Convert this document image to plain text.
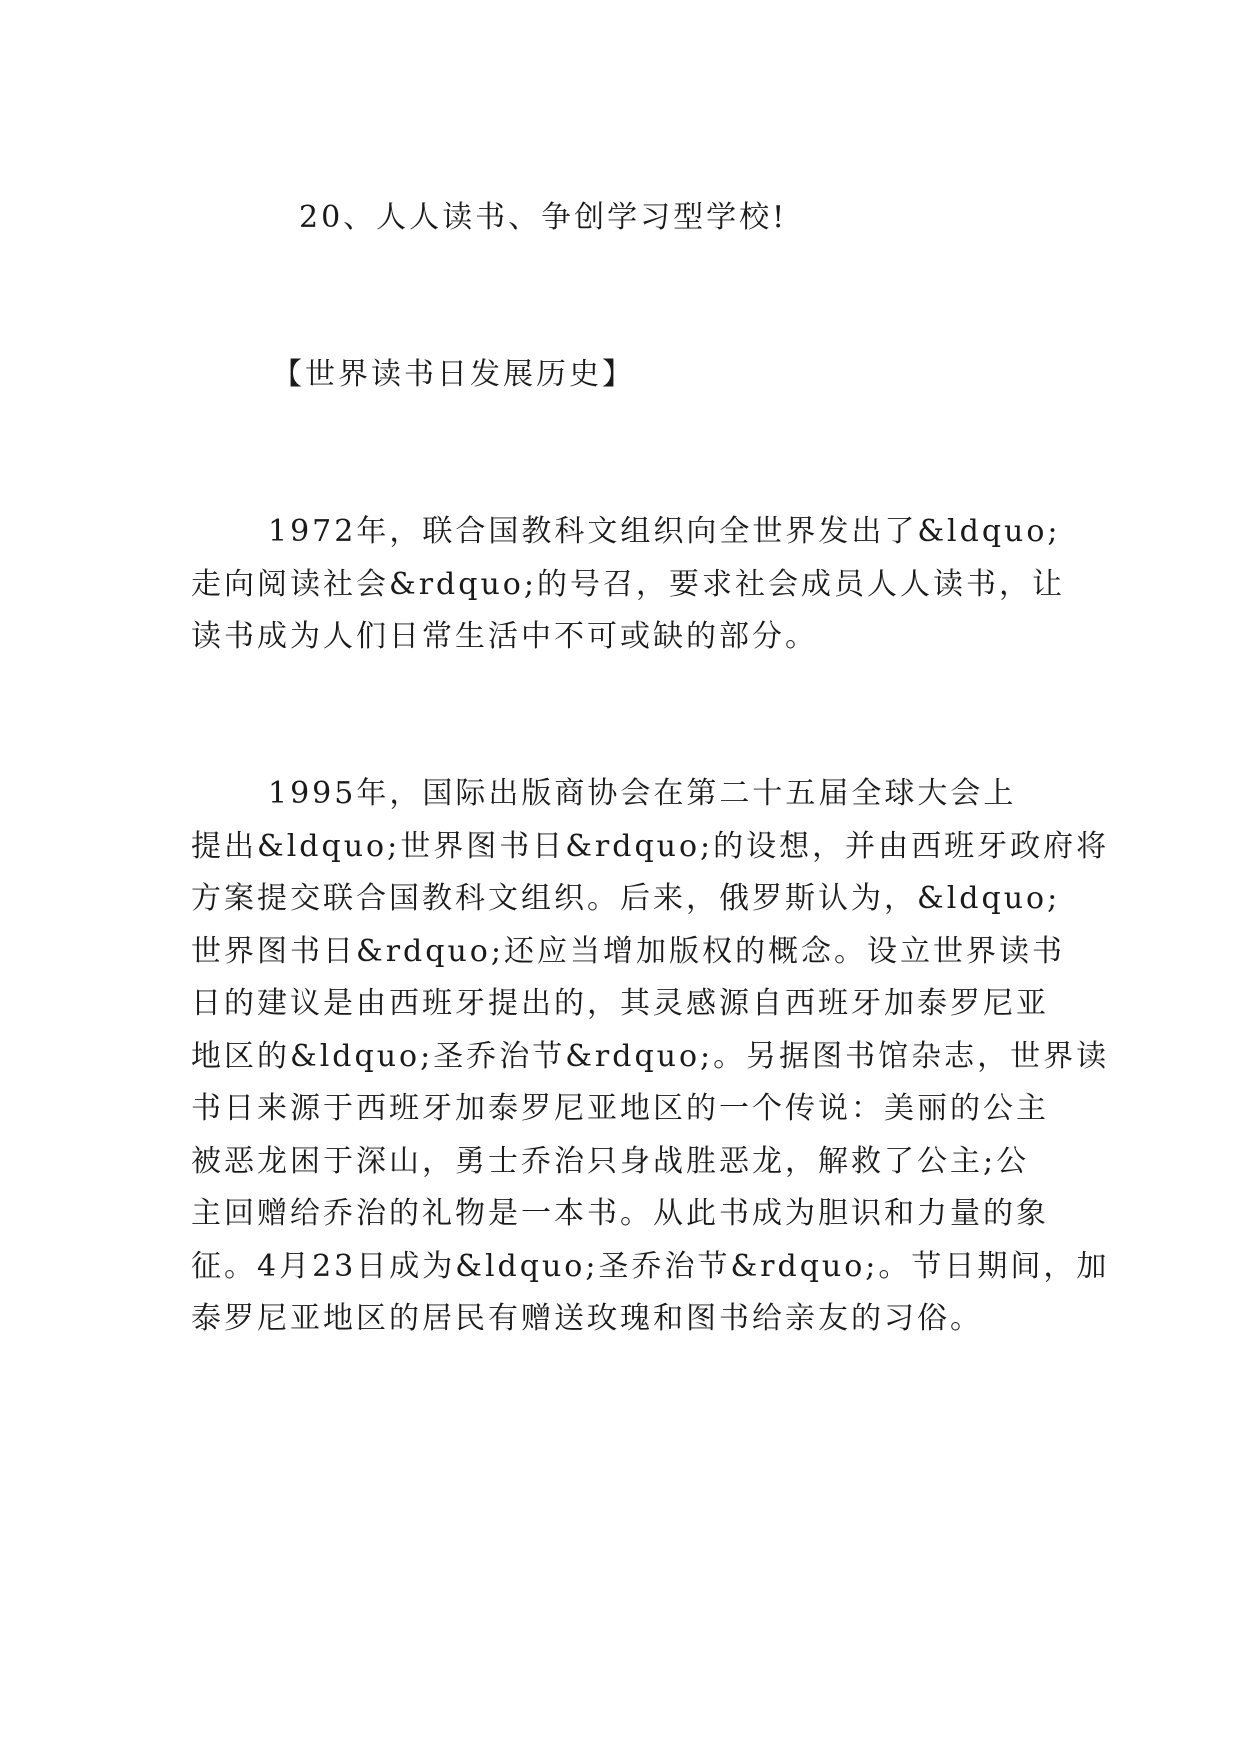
20、人人读书、争创学习型学校!
【世界读书日发展历史】
1972年，联合国教科文组织向全世界发出了&ldquo;
走向阅读社会&rdquo;的号召，要求社会成员人人读书，让
读书成为人们日常生活中不可或缺的部分。
1995年，国际出版商协会在第二十五届全球大会上
提出&ldquo;世界图书日&rdquo;的设想，并由西班牙政府将
方案提交联合国教科文组织。后来，俄罗斯认为，&ldquo;
世界图书日&rdquo;还应当增加版权的概念。设立世界读书
日的建议是由西班牙提出的，其灵感源自西班牙加泰罗尼亚
地区的&ldquo;圣乔治节&rdquo;。另据图书馆杂志，世界读
书日来源于西班牙加泰罗尼亚地区的一个传说：美丽的公主
被恶龙困于深山，勇士乔治只身战胜恶龙，解救了公主;公
主回赠给乔治的礼物是一本书。从此书成为胆识和力量的象
征。4月23日成为&ldquo;圣乔治节&rdquo;。节日期间，加
泰罗尼亚地区的居民有赠送玫瑰和图书给亲友的习俗。
